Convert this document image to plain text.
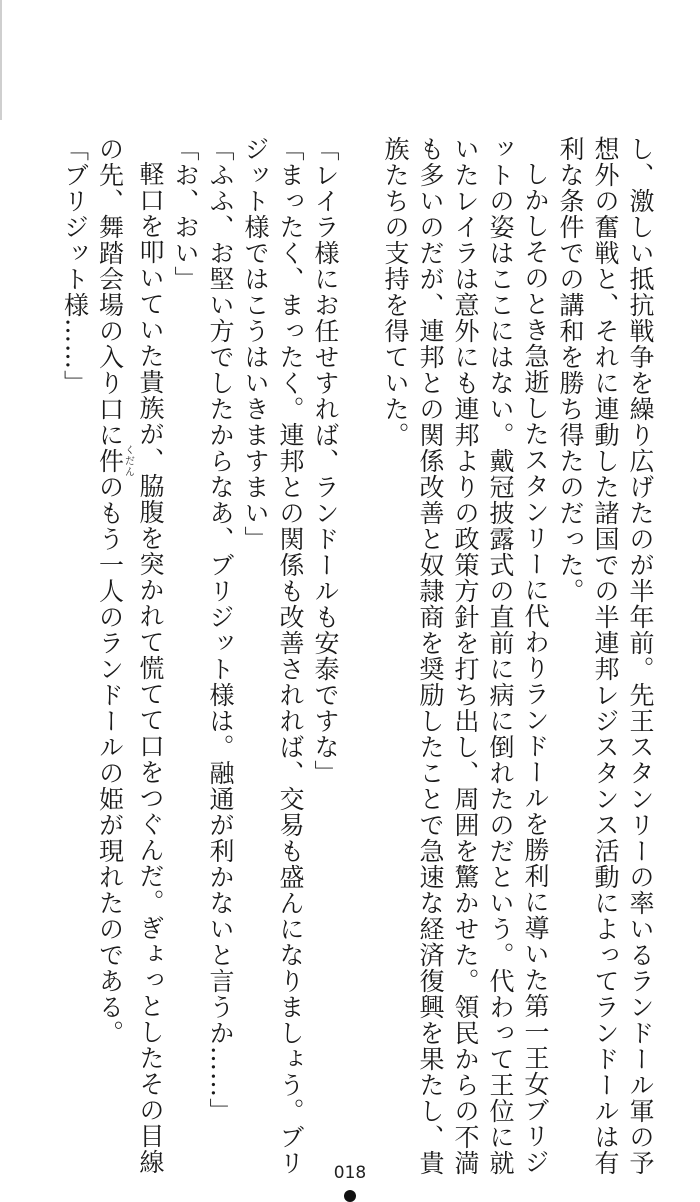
し、激しい抵抗戦争を繰り広げたのが半年前。先王スタンリーの率いるランドール軍の予
想外の奮戦と、それに連動した諸国での半連邦レジスタンス活動によってランドールは有
利な条件での講和を勝ち得たのだった。
しかしそのとき急逝したスタンリーに代わりランドールを勝利に導いた第一王女ブリジ
ットの姿はここにはない。戴冠披露式の直前に病に倒れたのだという。代わって王位に就
いたレイラは意外にも連邦よりの政策方針を打ち出し、周囲を驚かせた。領民からの不満
も多いのだが、連邦との関係改善と奴隷商を奨励したことで急速な経済復興を果たし、貴
族たちの支持を得ていた。
「レイラ様にお任せすれば、ランドールも安泰ですな」
「まったく、まったく。連邦との関係も改善されれば、交易も盛んになりましょう。ブリ
ジット様ではこうはいきますまい」
「ふふ、お堅い方でしたからなあ、ブリジット様は。融通が利かないと言うか……」
「お、おい」
軽口を叩いていた貴族が、脇腹を突かれて慌てて口をつぐんだ。ぎょっとしたその目線
の先、舞踏会場の入り口に件くだんのもう一人のランドールの姫が現れたのである。
「ブリジット様……」
018
